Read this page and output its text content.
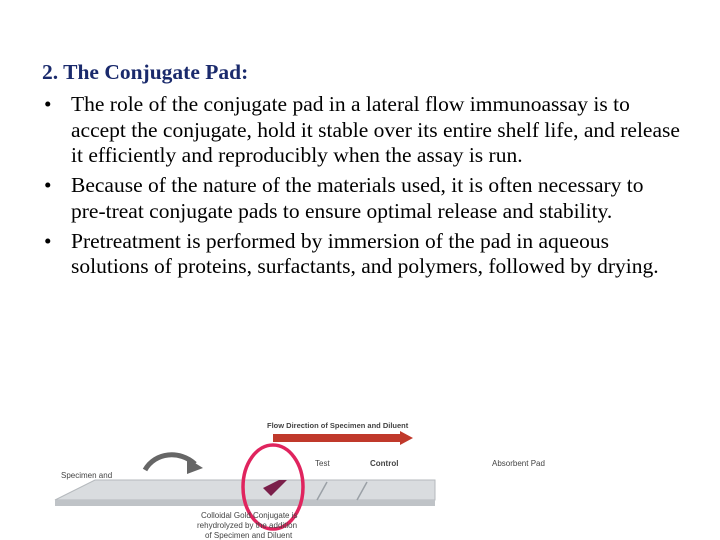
2. The Conjugate Pad:
• The role of the conjugate pad in a lateral flow immunoassay is to accept the conjugate, hold it stable over its entire shelf life, and release it efficiently and reproducibly when the assay is run.
• Because of the nature of the materials used, it is often necessary to pre-treat conjugate pads to ensure optimal release and stability.
• Pretreatment is performed by immersion of the pad in aqueous solutions of proteins, surfactants, and polymers, followed by drying.
Flow Direction of Specimen and Diluent
Specimen and
Test	Control	Absorbent Pad
Colloidal Gold Conjugate is
rehydrolyzed by the addition
of Specimen and Diluent
